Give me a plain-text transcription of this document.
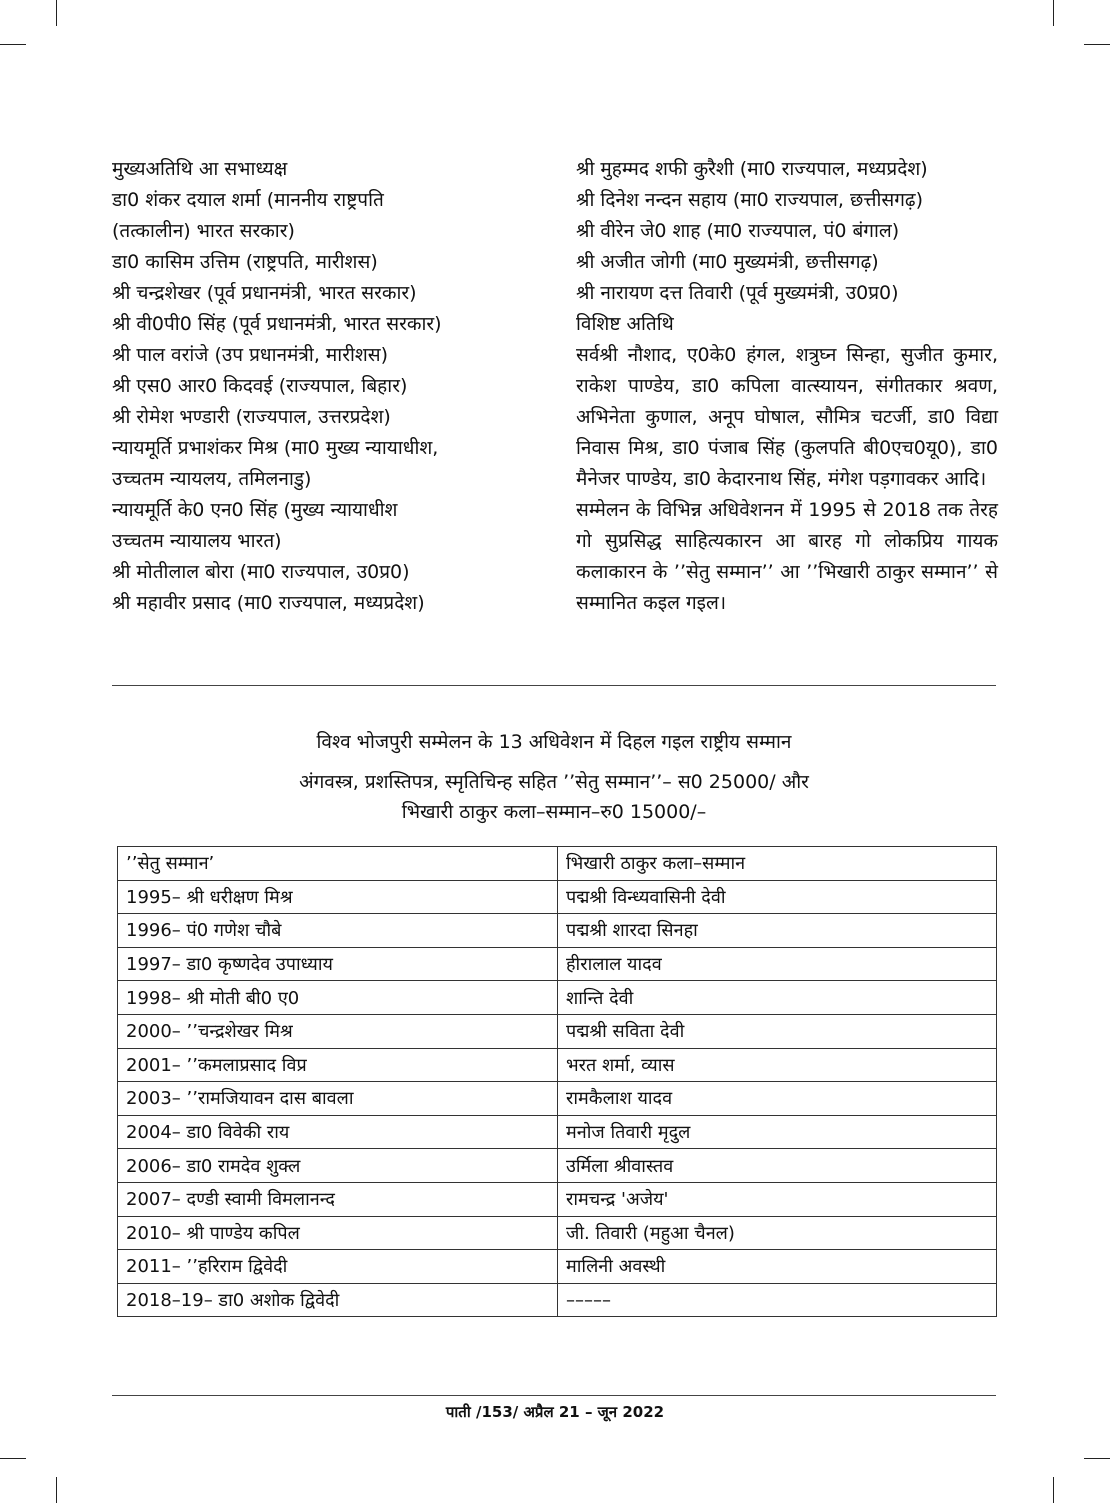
मुख्यअतिथि आ सभाध्यक्ष

डा0 शंकर दयाल शर्मा (माननीय राष्ट्रपति

(तत्कालीन) भारत सरकार)

डा0 कासिम उत्तिम (राष्ट्रपति, मारीशस)

श्री चन्द्रशेखर (पूर्व प्रधानमंत्री, भारत सरकार)

श्री वी0पी0 सिंह (पूर्व प्रधानमंत्री, भारत सरकार)

श्री पाल वरांजे (उप प्रधानमंत्री, मारीशस)

श्री एस0 आर0 किदवई (राज्यपाल, बिहार)

श्री रोमेश भण्डारी (राज्यपाल, उत्तरप्रदेश)

न्यायमूर्ति प्रभाशंकर मिश्र (मा0 मुख्य न्यायाधीश,

उच्चतम न्यायलय, तमिलनाडु)

न्यायमूर्ति के0 एन0 सिंह (मुख्य न्यायाधीश

उच्चतम न्यायालय भारत)

श्री मोतीलाल बोरा (मा0 राज्यपाल, उ0प्र0)

श्री महावीर प्रसाद (मा0 राज्यपाल, मध्यप्रदेश)

श्री मुहम्मद शफी कुरैशी (मा0 राज्यपाल, मध्यप्रदेश)

श्री दिनेश नन्दन सहाय (मा0 राज्यपाल, छत्तीसगढ़)

श्री वीरेन जे0 शाह (मा0 राज्यपाल, पं0 बंगाल)

श्री अजीत जोगी (मा0 मुख्यमंत्री, छत्तीसगढ़)

श्री नारायण दत्त तिवारी (पूर्व मुख्यमंत्री, उ0प्र0)

विशिष्ट अतिथि

सर्वश्री नौशाद, ए0के0 हंगल, शत्रुघ्न सिन्हा, सुजीत कुमार, राकेश पाण्डेय, डा0 कपिला वात्स्यायन, संगीतकार श्रवण, अभिनेता कुणाल, अनूप घोषाल, सौमित्र चटर्जी, डा0 विद्या निवास मिश्र, डा0 पंजाब सिंह (कुलपति बी0एच0यू0), डा0 मैनेजर पाण्डेय, डा0 केदारनाथ सिंह, मंगेश पड़गावकर आदि।

सम्मेलन के विभिन्न अधिवेशनन में 1995 से 2018 तक तेरह गो सुप्रसिद्ध साहित्यकारन आ बारह गो लोकप्रिय गायक कलाकारन के ’’सेतु सम्मान’’ आ ’’भिखारी ठाकुर सम्मान’’ से सम्मानित कइल गइल।

विश्व भोजपुरी सम्मेलन के 13 अधिवेशन में दिहल गइल राष्ट्रीय सम्मान
अंगवस्त्र, प्रशस्तिपत्र, स्मृतिचिन्ह सहित ’’सेतु सम्मान’’– स0 25000/ और
भिखारी ठाकुर कला–सम्मान–रु0 15000/–
’’सेतु सम्मान’	भिखारी ठाकुर कला–सम्मान
1995– श्री धरीक्षण मिश्र	पद्मश्री विन्ध्यवासिनी देवी
1996– पं0 गणेश चौबे	पद्मश्री शारदा सिनहा
1997– डा0 कृष्णदेव उपाध्याय	हीरालाल यादव
1998– श्री मोती बी0 ए0	शान्ति देवी
2000– ’’चन्द्रशेखर मिश्र	पद्मश्री सविता देवी
2001– ’’कमलाप्रसाद विप्र	भरत शर्मा, व्यास
2003– ’’रामजियावन दास बावला	रामकैलाश यादव
2004– डा0 विवेकी राय	मनोज तिवारी मृदुल
2006– डा0 रामदेव शुक्ल	उर्मिला श्रीवास्तव
2007– दण्डी स्वामी विमलानन्द	रामचन्द्र 'अजेय'
2010– श्री पाण्डेय कपिल	जी. तिवारी (महुआ चैनल)
2011– ’’हरिराम द्विवेदी	मालिनी अवस्थी
2018–19– डा0 अशोक द्विवेदी	–––––
पाती /153/ अप्रैल 21 – जून 2022
